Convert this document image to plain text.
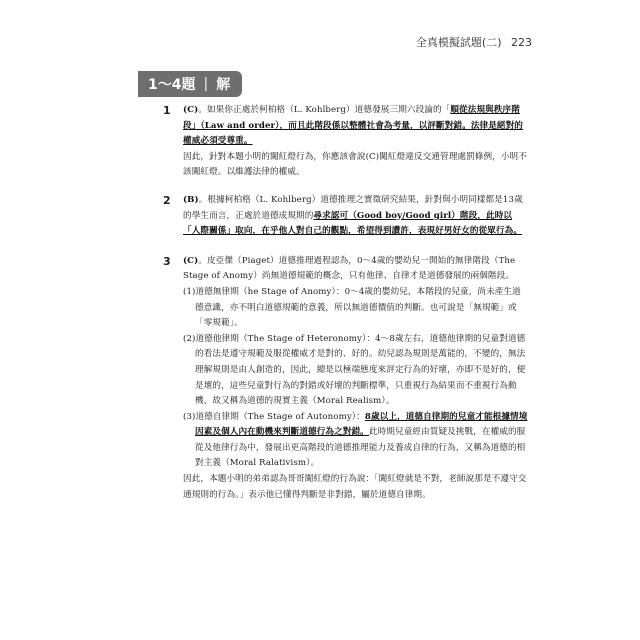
全真模擬試題(二) 223
1〜4題 | 解
1 (C)。如果你正處於柯柏格（L. Kohlberg）道德發展三期六段論的「順從法規與秩序階段」（Law and order），而且此階段係以整體社會為考量，以評斷對錯。法律是絕對的權威必須受尊重。
因此，針對本題小明的闖紅燈行為，你應該會說(C)闖紅燈違反交通管理處罰條例，小明不該闖紅燈。以維護法律的權威。
2 (B)。根據柯柏格（L. Kohlberg）道德推理之實徵研究結果，針對與小明同樣都是13歲的學生而言，正處於道德成規期的尋求認可（Good boy/Good girl）階段，此時以「人際關係」取向，在乎他人對自己的觀點，希望得到讚許，表現好男好女的從眾行為。
3 (C)。皮亞傑（Piaget）道德推理過程認為，0〜4歲的嬰幼兒一開始的無律階段（The Stage of Anomy）尚無道德規範的概念，只有他律、自律才是道德發展的兩個階段。
(1)道德無律期（he Stage of Anomy）：0〜4歲的嬰幼兒，本階段的兒童，尚未產生道德意識，亦不明白道德規範的意義，所以無道德價值的判斷。也可說是「無規範」或「零規範」。
(2)道德他律期（The Stage of Heteronomy）：4〜8歲左右，道德他律期的兒童對道德的看法是遵守規範及服從權威才是對的、好的。幼兒認為規則是萬能的，不變的，無法理解規則是由人創造的，因此，總是以極端態度來評定行為的好壞，亦即不是好的，便是壞的，這些兒童對行為的對錯或好壞的判斷標準，只重視行為結果而不重視行為動機，故又稱為道德的現實主義（Moral Realism）。
(3)道德自律期（The Stage of Autonomy）：8歲以上，道德自律期的兒童才能根據情境因素及個人內在動機來判斷道德行為之對錯。此時期兒童經由質疑及挑戰，在權威的服從及他律行為中，發展出更高階段的道德推理能力及養成自律的行為，又稱為道德的相對主義（Moral Ralativism）。
因此，本題小明的弟弟認為哥哥闖紅燈的行為說：「闖紅燈就是不對，老師說那是不遵守交通規則的行為。」表示他已懂得判斷是非對錯，屬於道德自律期。
